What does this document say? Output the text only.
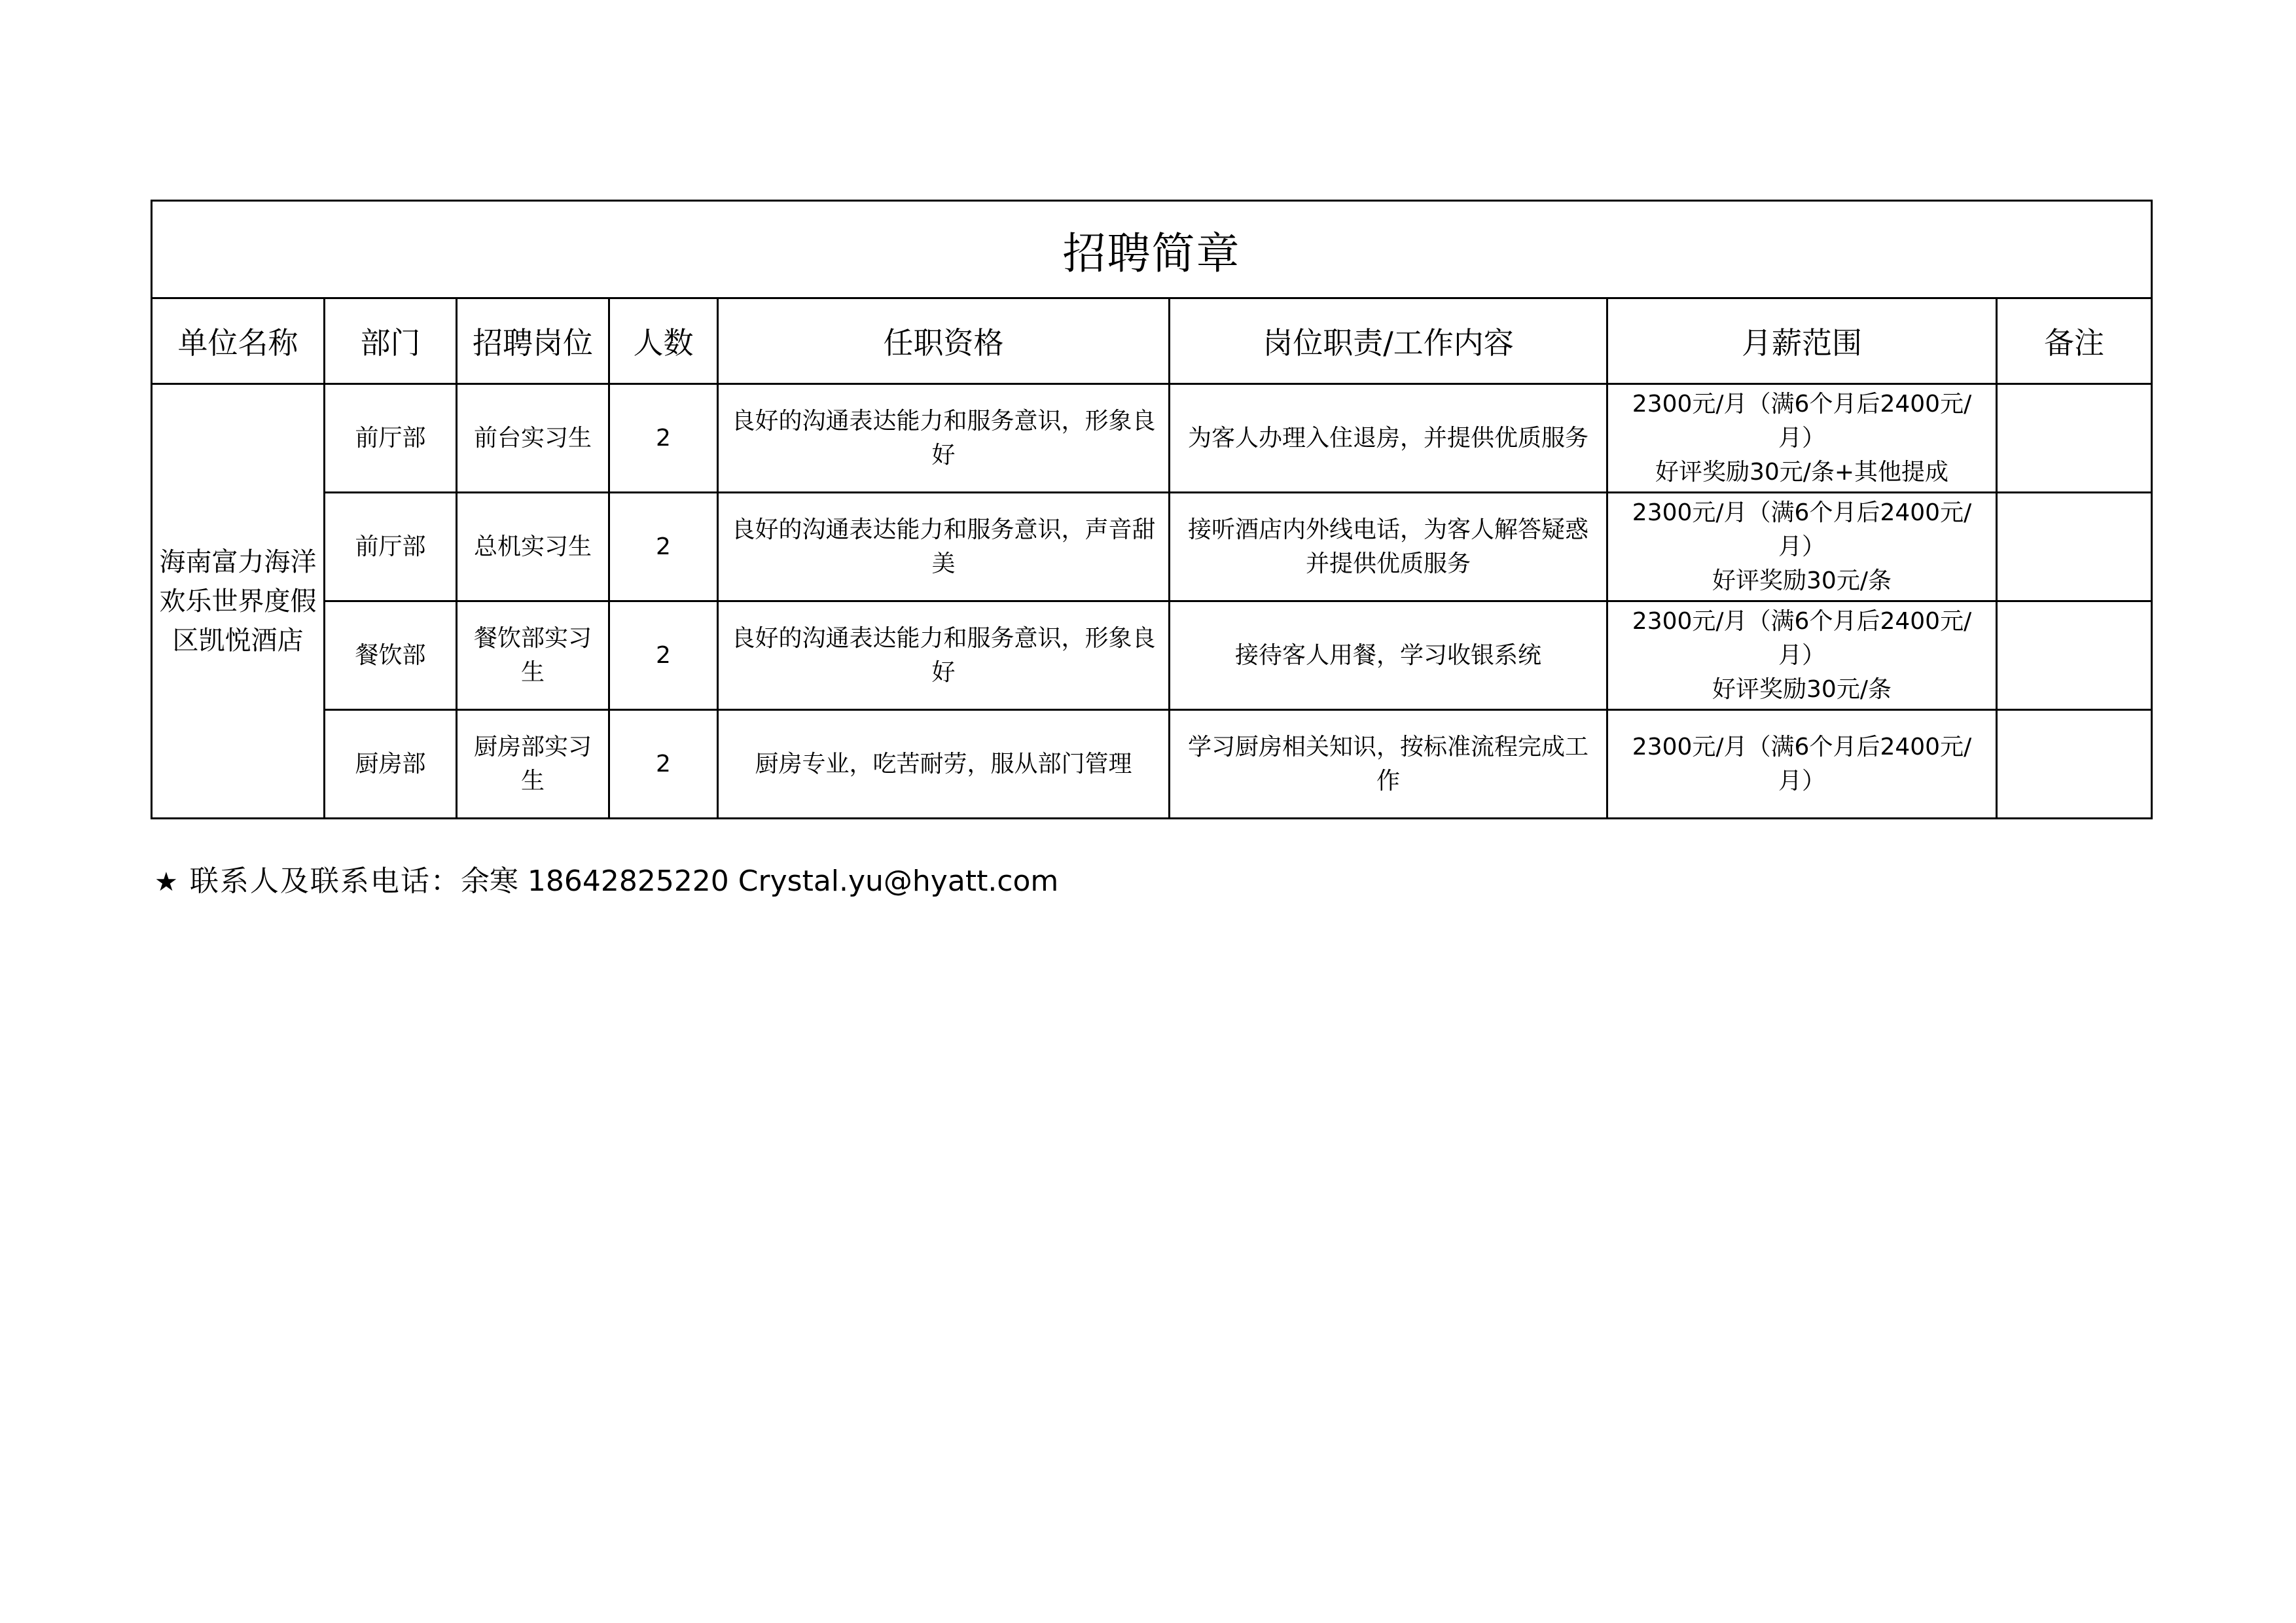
招聘简章							
单位名称	部门	招聘岗位	人数	任职资格	岗位职责/工作内容	月薪范围	备注
海南富力海洋欢乐世界度假区凯悦酒店	前厅部	前台实习生	2	良好的沟通表达能力和服务意识，形象良好	为客人办理入住退房，并提供优质服务	2300元/月（满6个月后2400元/月）
好评奖励30元/条+其他提成	

	前厅部	总机实习生	2	良好的沟通表达能力和服务意识，声音甜美	接听酒店内外线电话，为客人解答疑惑并提供优质服务	2300元/月（满6个月后2400元/月）
好评奖励30元/条	

	餐饮部	餐饮部实习生	2	良好的沟通表达能力和服务意识，形象良好	接待客人用餐，学习收银系统	2300元/月（满6个月后2400元/月）
好评奖励30元/条	

	厨房部	厨房部实习生	2	厨房专业，吃苦耐劳，服从部门管理	学习厨房相关知识，按标准流程完成工作	2300元/月（满6个月后2400元/月）	

★ 联系人及联系电话：余寒 18642825220 Crystal.yu@hyatt.com
